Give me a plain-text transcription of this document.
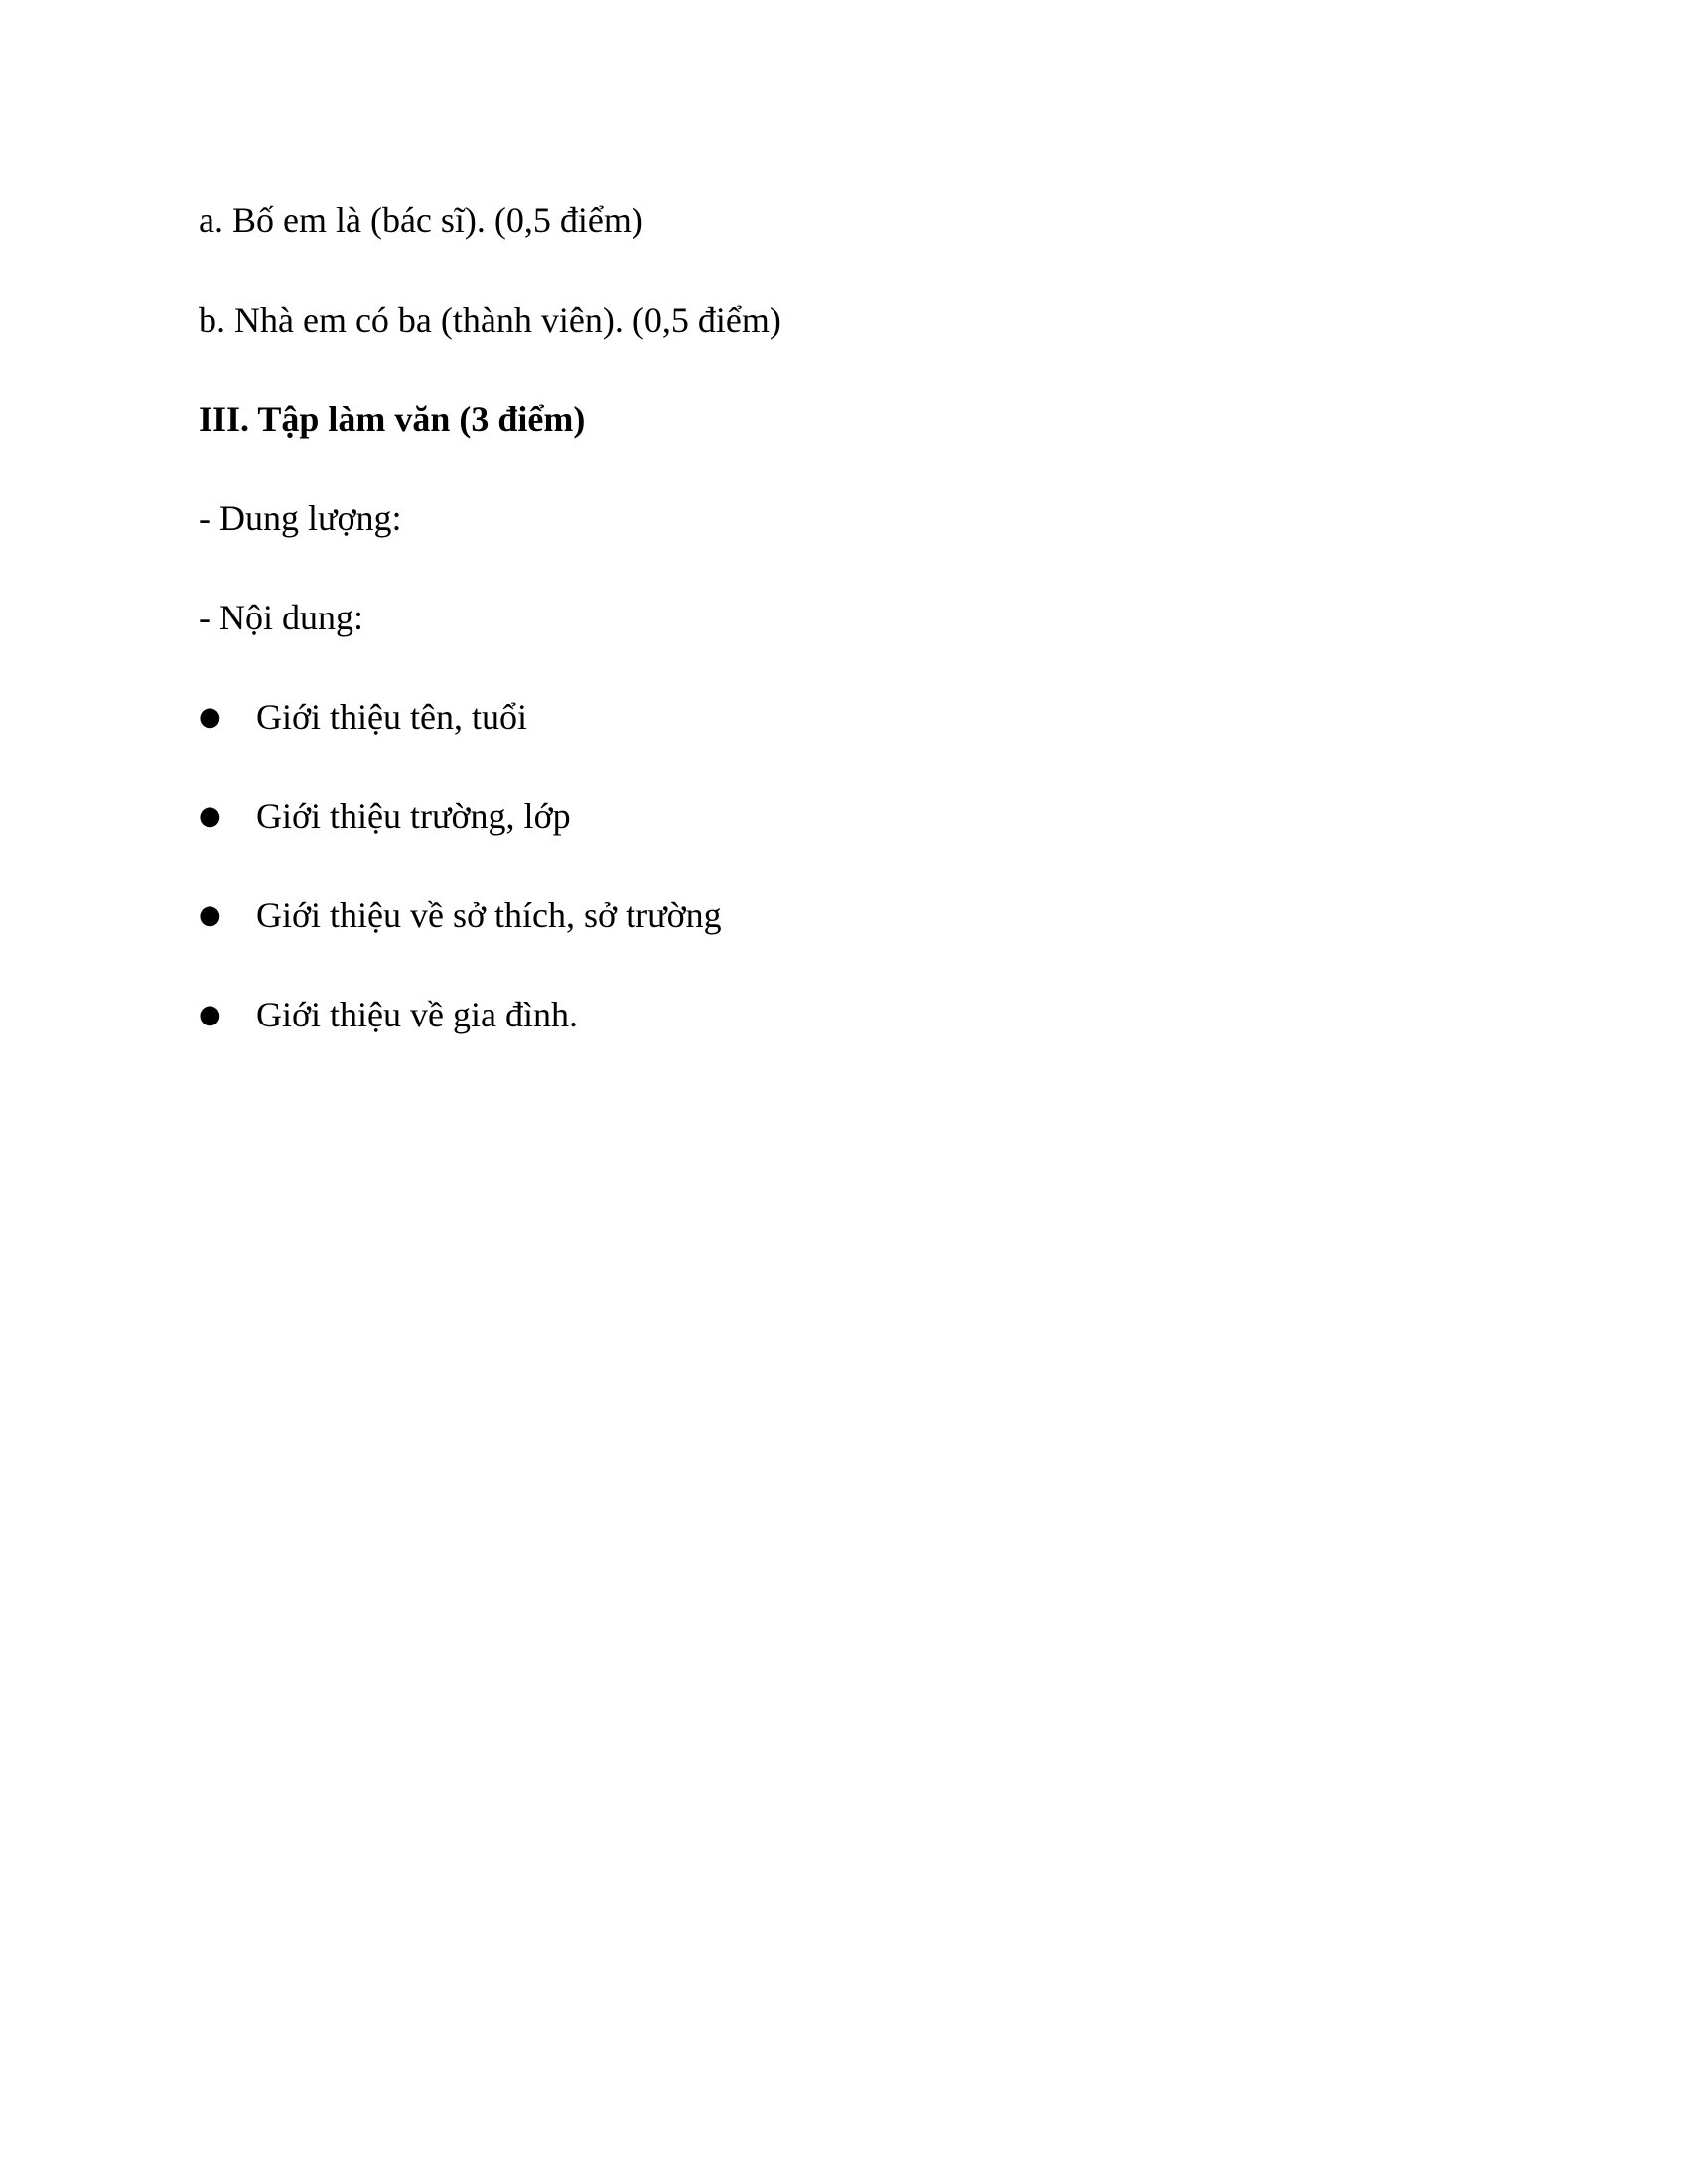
a. Bố em là (bác sĩ). (0,5 điểm)
b. Nhà em có ba (thành viên). (0,5 điểm)
III. Tập làm văn (3 điểm)
- Dung lượng:
- Nội dung:
● Giới thiệu tên, tuổi
● Giới thiệu trường, lớp
● Giới thiệu về sở thích, sở trường
● Giới thiệu về gia đình.
